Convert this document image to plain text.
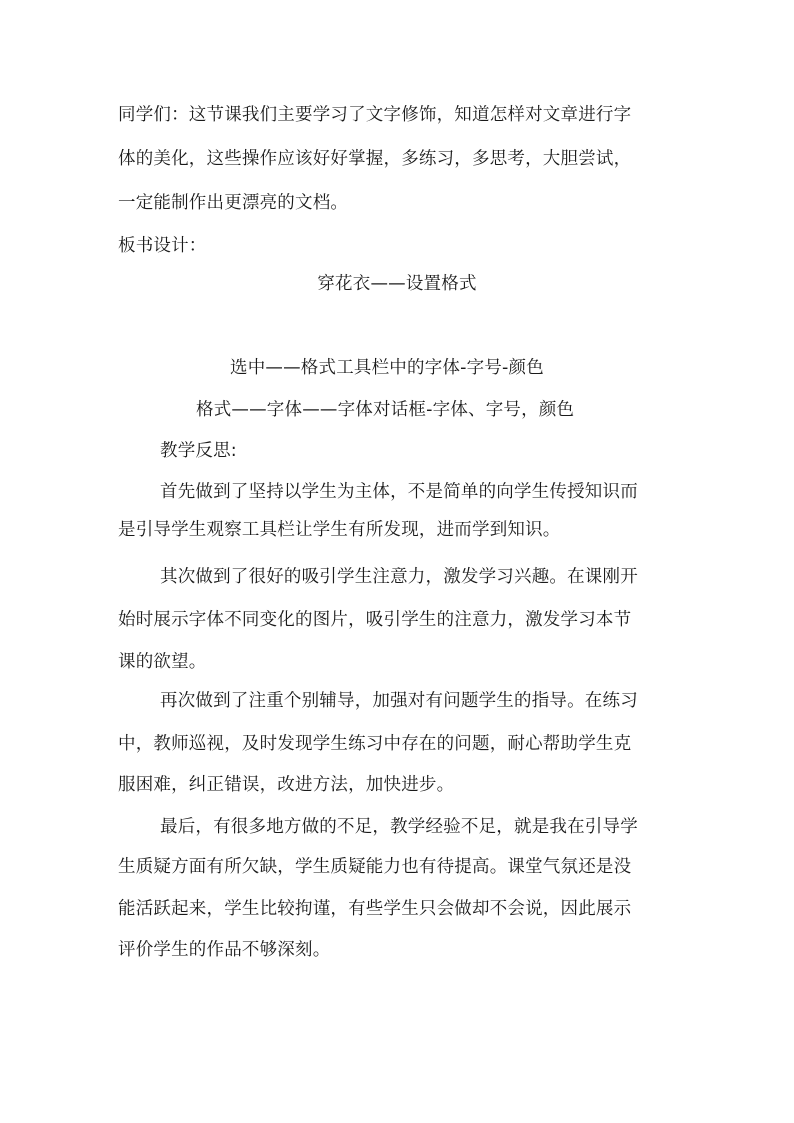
同学们：这节课我们主要学习了文字修饰，知道怎样对文章进行字

体的美化，这些操作应该好好掌握，多练习，多思考，大胆尝试，

一定能制作出更漂亮的文档。

板书设计：

穿花衣——设置格式

选中——格式工具栏中的字体-字号-颜色

格式——字体——字体对话框-字体、字号，颜色

教学反思:

首先做到了坚持以学生为主体，不是简单的向学生传授知识而

是引导学生观察工具栏让学生有所发现，进而学到知识。

其次做到了很好的吸引学生注意力，激发学习兴趣。在课刚开

始时展示字体不同变化的图片，吸引学生的注意力，激发学习本节

课的欲望。

再次做到了注重个别辅导，加强对有问题学生的指导。在练习

中，教师巡视，及时发现学生练习中存在的问题，耐心帮助学生克

服困难，纠正错误，改进方法，加快进步。

最后，有很多地方做的不足，教学经验不足，就是我在引导学

生质疑方面有所欠缺，学生质疑能力也有待提高。课堂气氛还是没

能活跃起来，学生比较拘谨，有些学生只会做却不会说，因此展示

评价学生的作品不够深刻。
